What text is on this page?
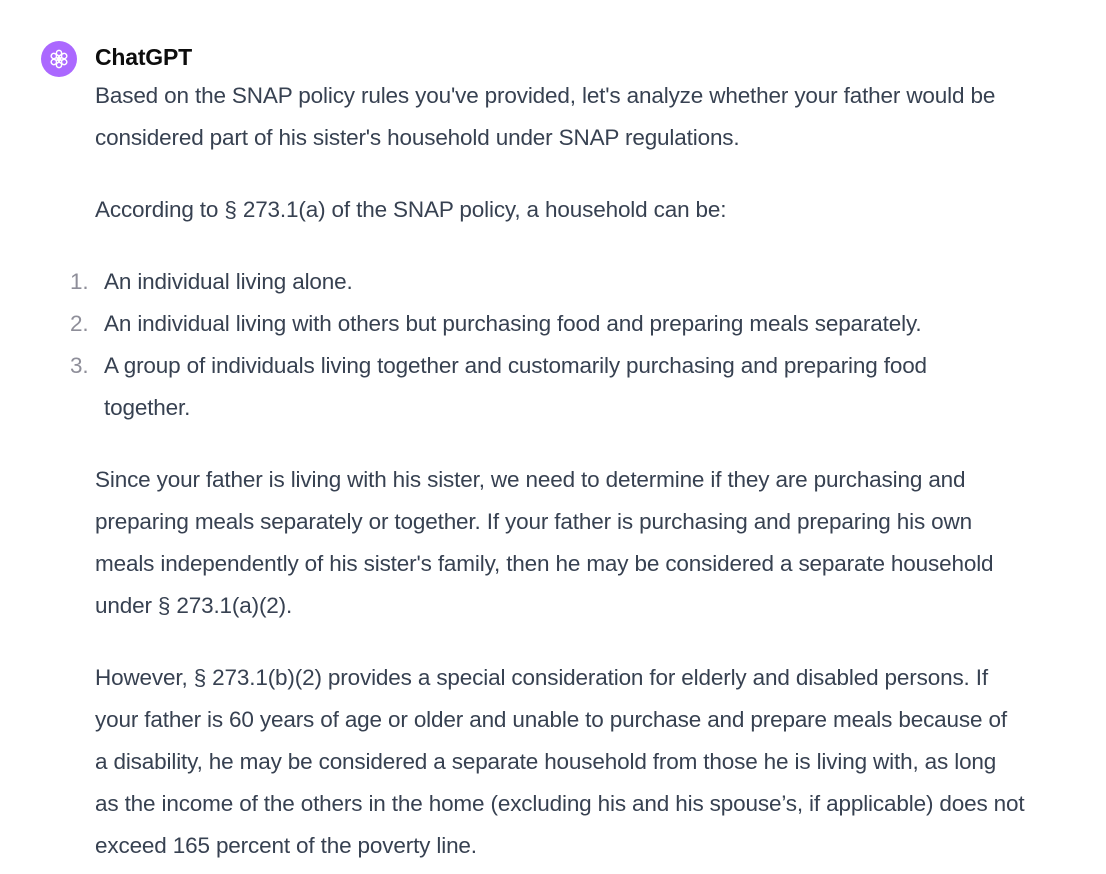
ChatGPT

Based on the SNAP policy rules you've provided, let's analyze whether your father would be considered part of his sister's household under SNAP regulations.

According to § 273.1(a) of the SNAP policy, a household can be:

1. An individual living alone.
2. An individual living with others but purchasing food and preparing meals separately.
3. A group of individuals living together and customarily purchasing and preparing food together.

Since your father is living with his sister, we need to determine if they are purchasing and preparing meals separately or together. If your father is purchasing and preparing his own meals independently of his sister's family, then he may be considered a separate household under § 273.1(a)(2).

However, § 273.1(b)(2) provides a special consideration for elderly and disabled persons. If your father is 60 years of age or older and unable to purchase and prepare meals because of a disability, he may be considered a separate household from those he is living with, as long as the income of the others in the home (excluding his and his spouse’s, if applicable) does not exceed 165 percent of the poverty line.
